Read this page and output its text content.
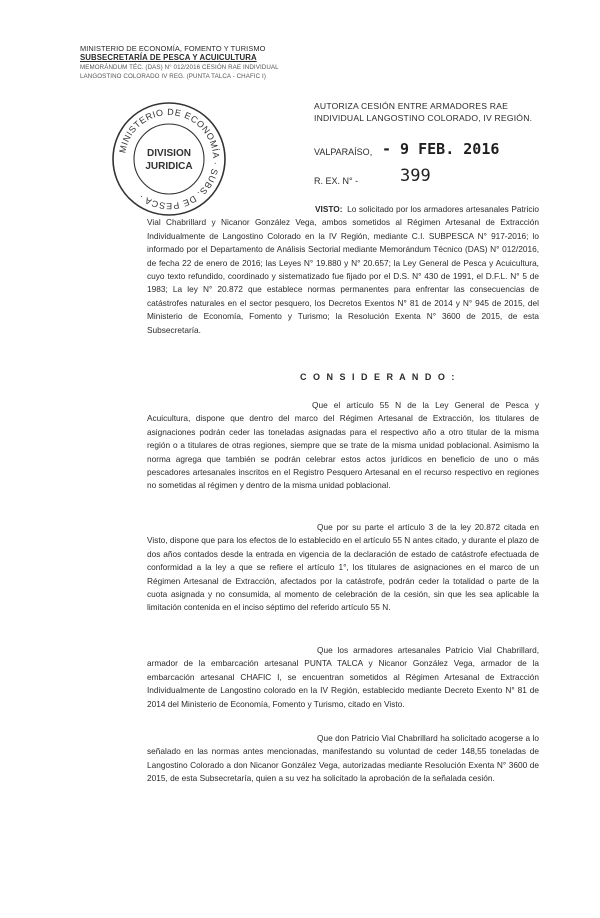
MINISTERIO DE ECONOMÍA, FOMENTO Y TURISMO
SUBSECRETARÍA DE PESCA Y ACUICULTURA
MEMORÁNDUM TÉC. (DAS) N° 012/2016 CESIÓN RAE INDIVIDUAL
LANGOSTINO COLORADO IV REG. (PUNTA TALCA - CHAFIC I)
MINISTERIO DE ECONOMÍA · SUBS. DE PESCA ·
DIVISION
JURIDICA
AUTORIZA CESIÓN ENTRE ARMADORES RAE
INDIVIDUAL LANGOSTINO COLORADO, IV REGIÓN.
VALPARAÍSO, - 9 FEB. 2016
R. EX. N° - 399

VISTO: Lo solicitado por los armadores artesanales Patricio Vial Chabrillard y Nicanor González Vega, ambos sometidos al Régimen Artesanal de Extracción Individualmente de Langostino Colorado en la IV Región, mediante C.I. SUBPESCA N° 917-2016; lo informado por el Departamento de Análisis Sectorial mediante Memorándum Técnico (DAS) N° 012/2016, de fecha 22 de enero de 2016; las Leyes N° 19.880 y N° 20.657; la Ley General de Pesca y Acuicultura, cuyo texto refundido, coordinado y sistematizado fue fijado por el D.S. N° 430 de 1991, el D.F.L. N° 5 de 1983; La ley N° 20.872 que establece normas permanentes para enfrentar las consecuencias de catástrofes naturales en el sector pesquero, los Decretos Exentos N° 81 de 2014 y N° 945 de 2015, del Ministerio de Economía, Fomento y Turismo; la Resolución Exenta N° 3600 de 2015, de esta Subsecretaría.

C O N S I D E R A N D O :

Que el artículo 55 N de la Ley General de Pesca y Acuicultura, dispone que dentro del marco del Régimen Artesanal de Extracción, los titulares de asignaciones podrán ceder las toneladas asignadas para el respectivo año a otro titular de la misma región o a titulares de otras regiones, siempre que se trate de la misma unidad poblacional. Asimismo la norma agrega que también se podrán celebrar estos actos jurídicos en beneficio de uno o más pescadores artesanales inscritos en el Registro Pesquero Artesanal en el recurso respectivo en regiones no sometidas al régimen y dentro de la misma unidad poblacional.

Que por su parte el artículo 3 de la ley 20.872 citada en Visto, dispone que para los efectos de lo establecido en el artículo 55 N antes citado, y durante el plazo de dos años contados desde la entrada en vigencia de la declaración de estado de catástrofe efectuada de conformidad a la ley a que se refiere el artículo 1°, los titulares de asignaciones en el marco de un Régimen Artesanal de Extracción, afectados por la catástrofe, podrán ceder la totalidad o parte de la cuota asignada y no consumida, al momento de celebración de la cesión, sin que les sea aplicable la limitación contenida en el inciso séptimo del referido artículo 55 N.

Que los armadores artesanales Patricio Vial Chabrillard, armador de la embarcación artesanal PUNTA TALCA y Nicanor González Vega, armador de la embarcación artesanal CHAFIC I, se encuentran sometidos al Régimen Artesanal de Extracción Individualmente de Langostino colorado en la IV Región, establecido mediante Decreto Exento N° 81 de 2014 del Ministerio de Economía, Fomento y Turismo, citado en Visto.

Que don Patricio Vial Chabrillard ha solicitado acogerse a lo señalado en las normas antes mencionadas, manifestando su voluntad de ceder 148,55 toneladas de Langostino Colorado a don Nicanor González Vega, autorizadas mediante Resolución Exenta N° 3600 de 2015, de esta Subsecretaría, quien a su vez ha solicitado la aprobación de la señalada cesión.
